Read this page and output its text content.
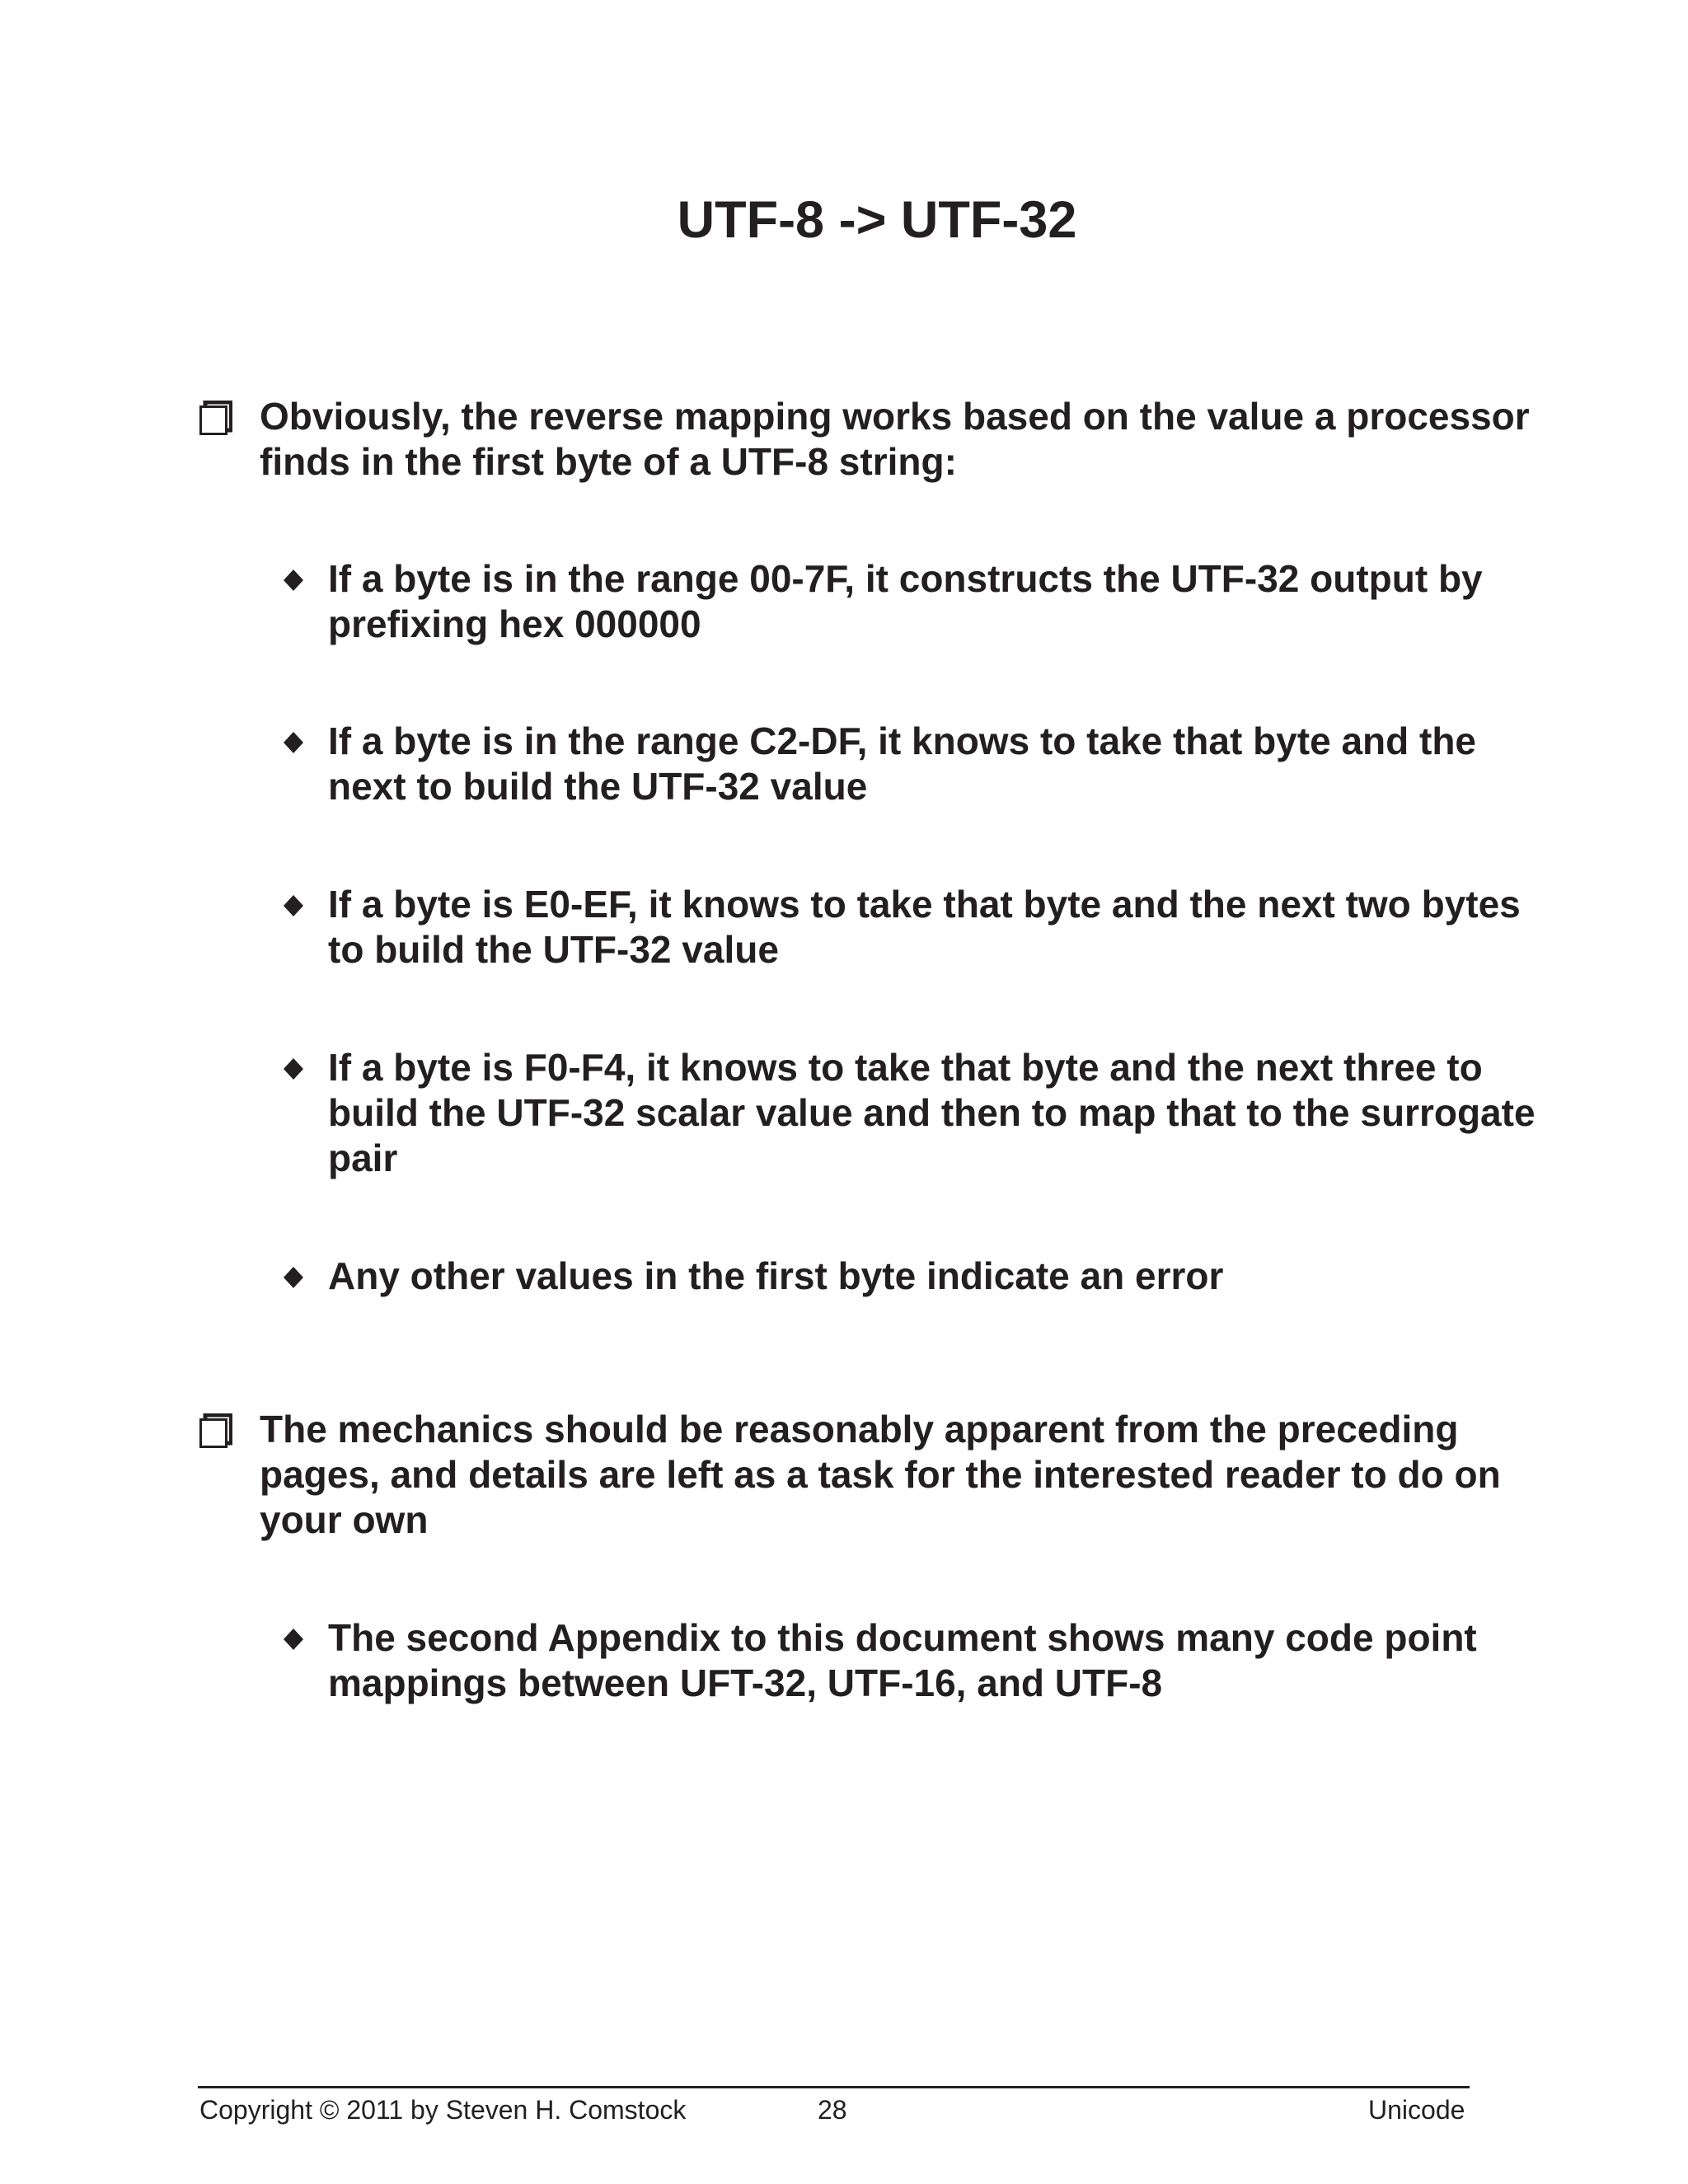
UTF-8 -> UTF-32
Obviously, the reverse mapping works based on the value a processor finds in the first byte of a UTF-8 string:
If a byte is in the range 00-7F, it constructs the UTF-32 output by prefixing hex 000000
If a byte is in the range C2-DF, it knows to take that byte and the next to build the UTF-32 value
If a byte is E0-EF, it knows to take that byte and the next two bytes to build the UTF-32 value
If a byte is F0-F4, it knows to take that byte and the next three to build the UTF-32 scalar value and then to map that to the surrogate pair
Any other values in the first byte indicate an error
The mechanics should be reasonably apparent from the preceding pages, and details are left as a task for the interested reader to do on your own
The second Appendix to this document shows many code point mappings between UFT-32, UTF-16, and UTF-8
Copyright © 2011 by Steven H. Comstock	28	Unicode
